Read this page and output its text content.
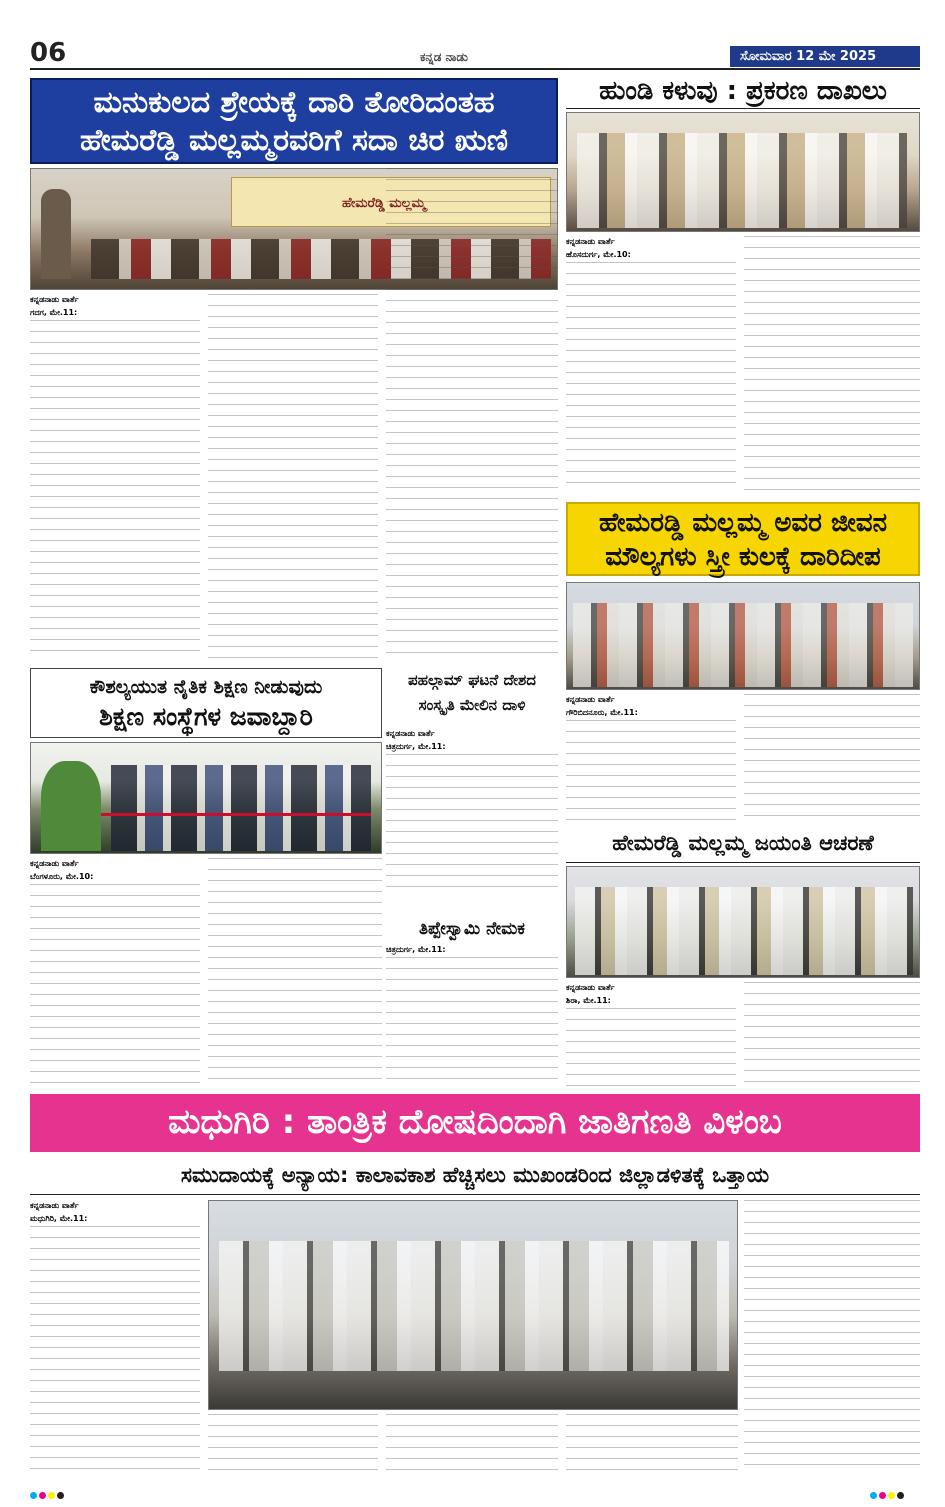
06	ಕನ್ನಡ ನಾಡು	ಸೋಮವಾರ 12 ಮೇ 2025
ಮನುಕುಲದ ಶ್ರೇಯಕ್ಕೆ ದಾರಿ ತೋರಿದಂತಹ
ಹೇಮರೆಡ್ಡಿ ಮಲ್ಲಮ್ಮರವರಿಗೆ ಸದಾ ಚಿರ ಋಣಿ
ಹೇಮರೆಡ್ಡಿ ಮಲ್ಲಮ್ಮ
ಕನ್ನಡನಾಡು ವಾರ್ತೆ
ಗದಗ, ಮೇ.11:
ಹುಂಡಿ ಕಳುವು : ಪ್ರಕರಣ ದಾಖಲು
ಕನ್ನಡನಾಡು ವಾರ್ತೆ
ಹೊಸದುರ್ಗ, ಮೇ.10:
ಹೇಮರಡ್ಡಿ ಮಲ್ಲಮ್ಮ ಅವರ ಜೀವನ
ಮೌಲ್ಯಗಳು ಸ್ತ್ರೀ ಕುಲಕ್ಕೆ ದಾರಿದೀಪ
ಕನ್ನಡನಾಡು ವಾರ್ತೆ
ಗೌರಿಬಿದನೂರು, ಮೇ.11:
ಕೌಶಲ್ಯಯುತ ನೈತಿಕ ಶಿಕ್ಷಣ ನೀಡುವುದು
ಶಿಕ್ಷಣ ಸಂಸ್ಥೆಗಳ ಜವಾಬ್ದಾರಿ
ಕನ್ನಡನಾಡು ವಾರ್ತೆ
ಬೆಂಗಳೂರು, ಮೇ.10:
ಪಹಲ್ಗಾಮ್ ಘಟನೆ ದೇಶದ
ಸಂಸ್ಕೃತಿ ಮೇಲಿನ ದಾಳಿ
ಕನ್ನಡನಾಡು ವಾರ್ತೆ
ಚಿತ್ರದುರ್ಗ, ಮೇ.11:
ತಿಪ್ಪೇಸ್ವಾಮಿ ನೇಮಕ
ಚಿತ್ರದುರ್ಗ, ಮೇ.11:
ಹೇಮರೆಡ್ಡಿ ಮಲ್ಲಮ್ಮ ಜಯಂತಿ ಆಚರಣೆ
ಕನ್ನಡನಾಡು ವಾರ್ತೆ
ಶಿರಾ, ಮೇ.11:
ಮಧುಗಿರಿ : ತಾಂತ್ರಿಕ ದೋಷದಿಂದಾಗಿ ಜಾತಿಗಣತಿ ವಿಳಂಬ
ಸಮುದಾಯಕ್ಕೆ ಅನ್ಯಾಯ: ಕಾಲಾವಕಾಶ ಹೆಚ್ಚಿಸಲು ಮುಖಂಡರಿಂದ ಜಿಲ್ಲಾಡಳಿತಕ್ಕೆ ಒತ್ತಾಯ
ಕನ್ನಡನಾಡು ವಾರ್ತೆ
ಮಧುಗಿರಿ, ಮೇ.11:
